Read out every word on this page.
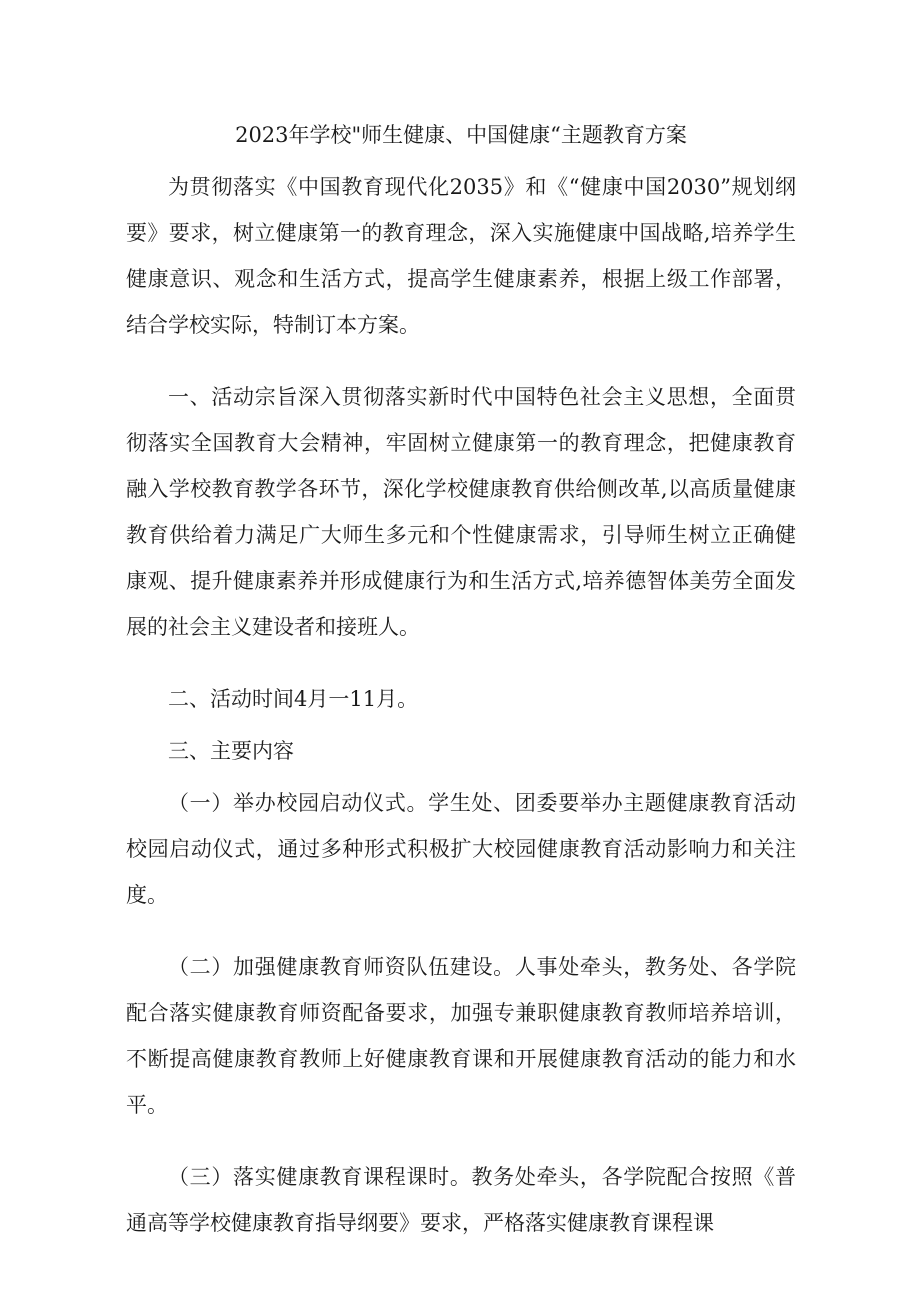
2023年学校"师生健康、中国健康“主题教育方案

为贯彻落实《中国教育现代化2035》和《“健康中国2030”规划纲要》要求，树立健康第一的教育理念，深入实施健康中国战略,培养学生健康意识、观念和生活方式，提高学生健康素养，根据上级工作部署，结合学校实际，特制订本方案。

一、活动宗旨深入贯彻落实新时代中国特色社会主义思想，全面贯彻落实全国教育大会精神，牢固树立健康第一的教育理念，把健康教育融入学校教育教学各环节，深化学校健康教育供给侧改革,以高质量健康教育供给着力满足广大师生多元和个性健康需求，引导师生树立正确健康观、提升健康素养并形成健康行为和生活方式,培养德智体美劳全面发展的社会主义建设者和接班人。

二、活动时间4月一11月。

三、主要内容

（一）举办校园启动仪式。学生处、团委要举办主题健康教育活动校园启动仪式，通过多种形式积极扩大校园健康教育活动影响力和关注度。

（二）加强健康教育师资队伍建设。人事处牵头，教务处、各学院配合落实健康教育师资配备要求，加强专兼职健康教育教师培养培训，不断提高健康教育教师上好健康教育课和开展健康教育活动的能力和水平。

（三）落实健康教育课程课时。教务处牵头，各学院配合按照《普通高等学校健康教育指导纲要》要求，严格落实健康教育课程课
